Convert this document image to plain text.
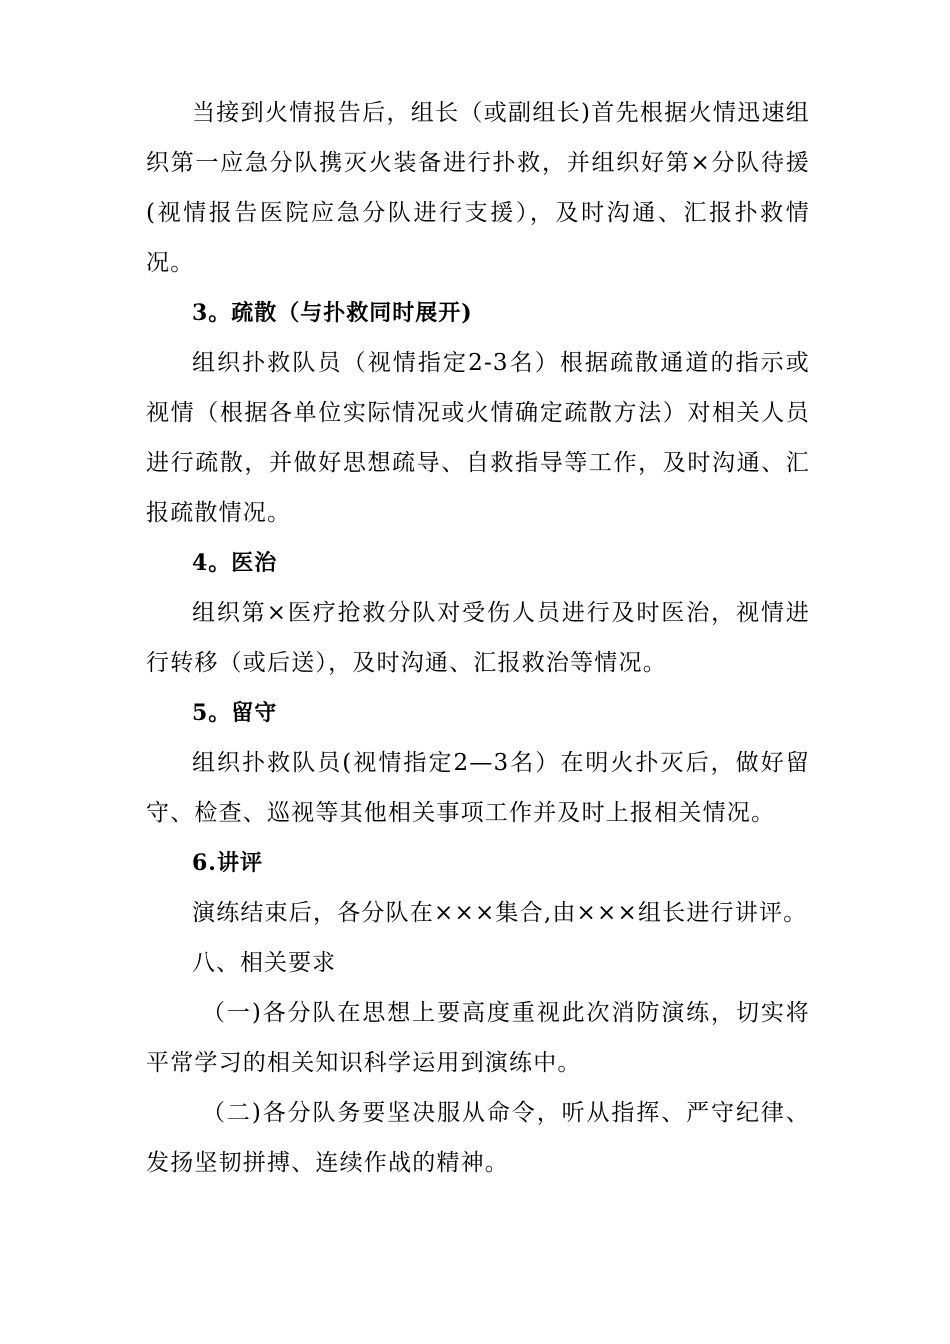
当接到火情报告后，组长（或副组长)首先根据火情迅速组织第一应急分队携灭火装备进行扑救，并组织好第×分队待援(视情报告医院应急分队进行支援），及时沟通、汇报扑救情况。

3。疏散（与扑救同时展开)

组织扑救队员（视情指定2-3名）根据疏散通道的指示或视情（根据各单位实际情况或火情确定疏散方法）对相关人员进行疏散，并做好思想疏导、自救指导等工作，及时沟通、汇报疏散情况。

4。医治

组织第×医疗抢救分队对受伤人员进行及时医治，视情进行转移（或后送），及时沟通、汇报救治等情况。

5。留守

组织扑救队员(视情指定2—3名）在明火扑灭后，做好留守、检查、巡视等其他相关事项工作并及时上报相关情况。

6.讲评

演练结束后，各分队在×××集合,由×××组长进行讲评。

八、相关要求

（一)各分队在思想上要高度重视此次消防演练，切实将平常学习的相关知识科学运用到演练中。

（二)各分队务要坚决服从命令，听从指挥、严守纪律、发扬坚韧拼搏、连续作战的精神。
